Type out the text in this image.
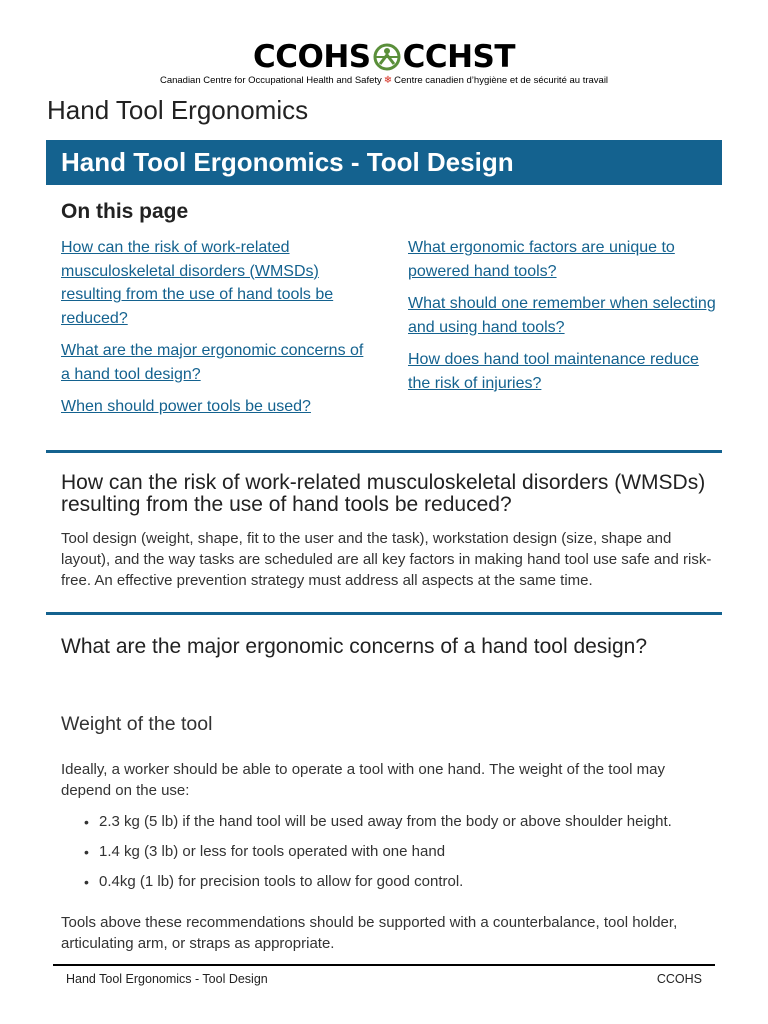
CCOHS CCHST
Canadian Centre for Occupational Health and Safety ❄ Centre canadien d’hygiène et de sécurité au travail
Hand Tool Ergonomics
Hand Tool Ergonomics - Tool Design
On this page
How can the risk of work-related musculoskeletal disorders (WMSDs) resulting from the use of hand tools be reduced?
What are the major ergonomic concerns of a hand tool design?
When should power tools be used?
What ergonomic factors are unique to powered hand tools?
What should one remember when selecting and using hand tools?
How does hand tool maintenance reduce the risk of injuries?
How can the risk of work-related musculoskeletal disorders (WMSDs) resulting from the use of hand tools be reduced?

Tool design (weight, shape, fit to the user and the task), workstation design (size, shape and layout), and the way tasks are scheduled are all key factors in making hand tool use safe and risk-free. An effective prevention strategy must address all aspects at the same time.

What are the major ergonomic concerns of a hand tool design?
Weight of the tool

Ideally, a worker should be able to operate a tool with one hand. The weight of the tool may depend on the use:

• 2.3 kg (5 lb) if the hand tool will be used away from the body or above shoulder height.
• 1.4 kg (3 lb) or less for tools operated with one hand
• 0.4kg (1 lb) for precision tools to allow for good control.

Tools above these recommendations should be supported with a counterbalance, tool holder, articulating arm, or straps as appropriate.

Hand Tool Ergonomics - Tool Design	CCOHS
